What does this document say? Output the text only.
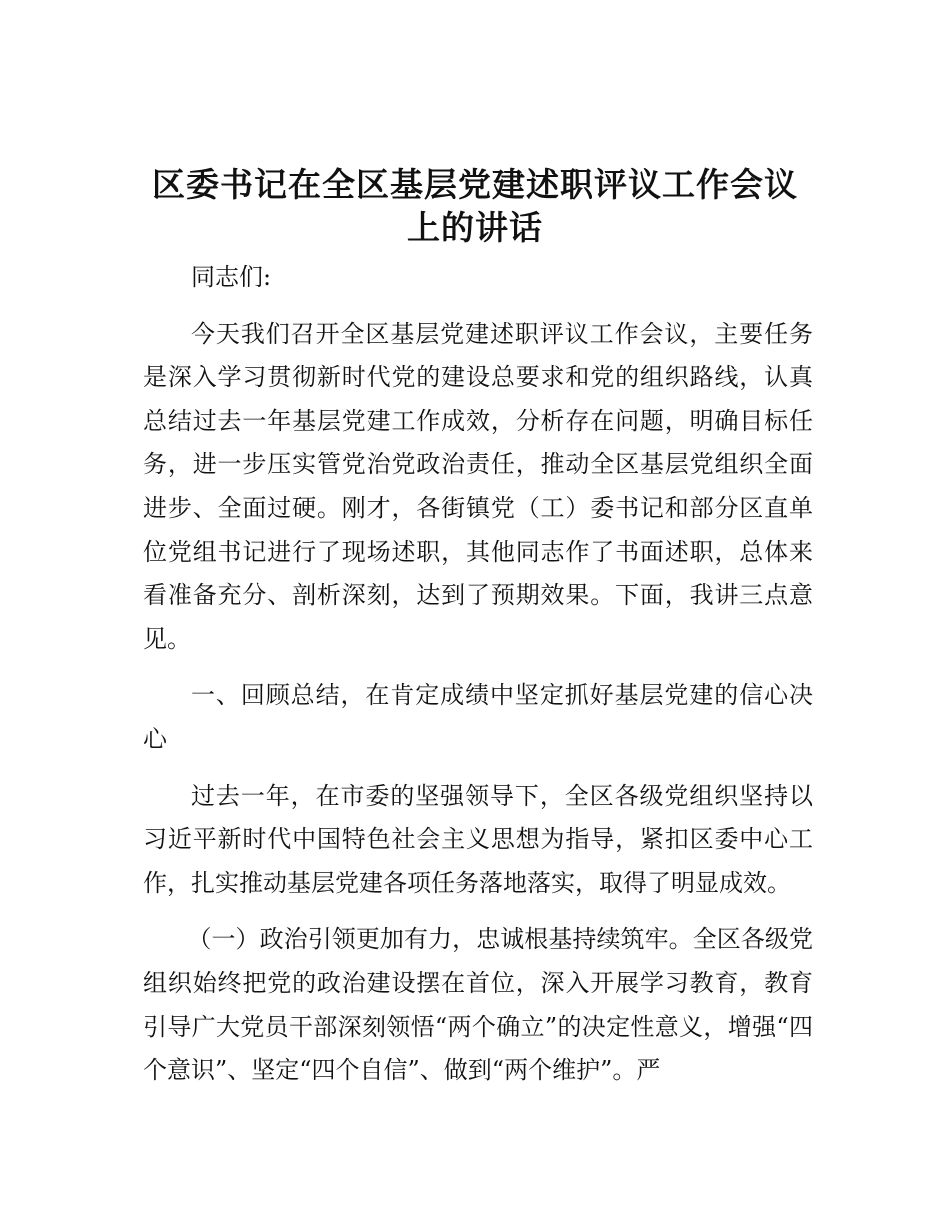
区委书记在全区基层党建述职评议工作会议上的讲话

同志们:

今天我们召开全区基层党建述职评议工作会议，主要任务是深入学习贯彻新时代党的建设总要求和党的组织路线，认真总结过去一年基层党建工作成效，分析存在问题，明确目标任务，进一步压实管党治党政治责任，推动全区基层党组织全面进步、全面过硬。刚才，各街镇党（工）委书记和部分区直单位党组书记进行了现场述职，其他同志作了书面述职，总体来看准备充分、剖析深刻，达到了预期效果。下面，我讲三点意见。

一、回顾总结，在肯定成绩中坚定抓好基层党建的信心决心

过去一年，在市委的坚强领导下，全区各级党组织坚持以习近平新时代中国特色社会主义思想为指导，紧扣区委中心工作，扎实推动基层党建各项任务落地落实，取得了明显成效。

（一）政治引领更加有力，忠诚根基持续筑牢。全区各级党组织始终把党的政治建设摆在首位，深入开展学习教育，教育引导广大党员干部深刻领悟“两个确立”的决定性意义，增强“四个意识”、坚定“四个自信”、做到“两个维护”。严
